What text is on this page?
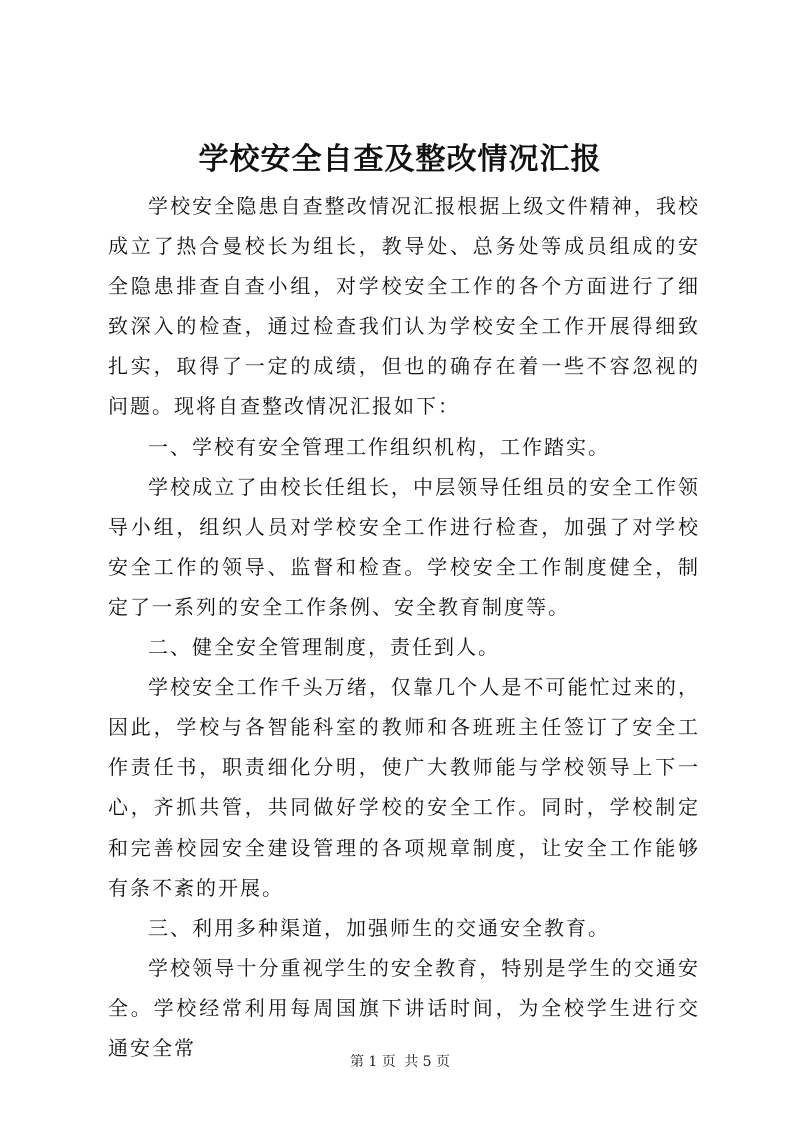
学校安全自查及整改情况汇报

学校安全隐患自查整改情况汇报根据上级文件精神，我校成立了热合曼校长为组长，教导处、总务处等成员组成的安全隐患排查自查小组，对学校安全工作的各个方面进行了细致深入的检查，通过检查我们认为学校安全工作开展得细致扎实，取得了一定的成绩，但也的确存在着一些不容忽视的问题。现将自查整改情况汇报如下：

一、学校有安全管理工作组织机构，工作踏实。

学校成立了由校长任组长，中层领导任组员的安全工作领导小组，组织人员对学校安全工作进行检查，加强了对学校安全工作的领导、监督和检查。学校安全工作制度健全，制定了一系列的安全工作条例、安全教育制度等。

二、健全安全管理制度，责任到人。

学校安全工作千头万绪，仅靠几个人是不可能忙过来的，因此，学校与各智能科室的教师和各班班主任签订了安全工作责任书，职责细化分明，使广大教师能与学校领导上下一心，齐抓共管，共同做好学校的安全工作。同时，学校制定和完善校园安全建设管理的各项规章制度，让安全工作能够有条不紊的开展。

三、利用多种渠道，加强师生的交通安全教育。

学校领导十分重视学生的安全教育，特别是学生的交通安全。学校经常利用每周国旗下讲话时间，为全校学生进行交通安全常

第 1 页 共 5 页
